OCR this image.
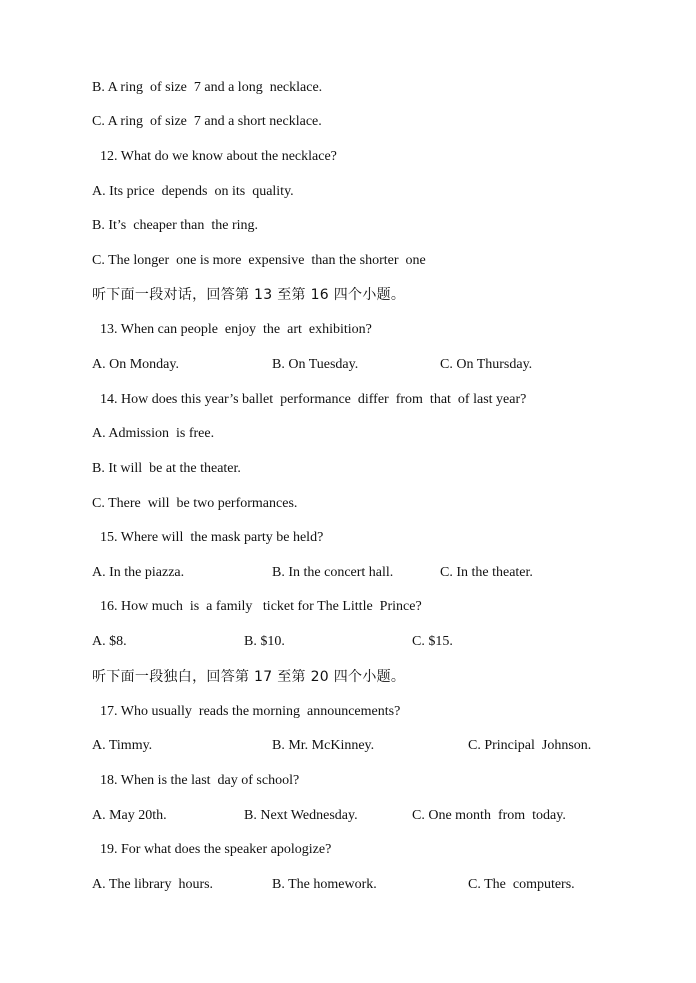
B. A ring  of size  7 and a long  necklace.
C. A ring  of size  7 and a short necklace.
12. What do we know about the necklace?
A. Its price  depends  on its  quality.
B. It’s  cheaper than  the ring.
C. The longer  one is more  expensive  than the shorter  one
听下面一段对话，回答第 13 至第 16 四个小题。
13. When can people  enjoy  the  art  exhibition?
A. On Monday.	B. On Tuesday.	C. On Thursday.
14. How does this year’s ballet  performance  differ  from  that  of last year?
A. Admission  is free.
B. It will  be at the theater.
C. There  will  be two performances.
15. Where will  the mask party be held?
A. In the piazza.	B. In the concert hall.	C. In the theater.
16. How much  is  a family   ticket for The Little  Prince?
A. $8.	B. $10.	C. $15.
听下面一段独白，回答第 17 至第 20 四个小题。
17. Who usually  reads the morning  announcements?
A. Timmy.	B. Mr. McKinney.	C. Principal  Johnson.
18. When is the last  day of school?
A. May 20th.	B. Next Wednesday.	C. One month  from  today.
19. For what does the speaker apologize?
A. The library  hours.	B. The homework.	C. The  computers.
